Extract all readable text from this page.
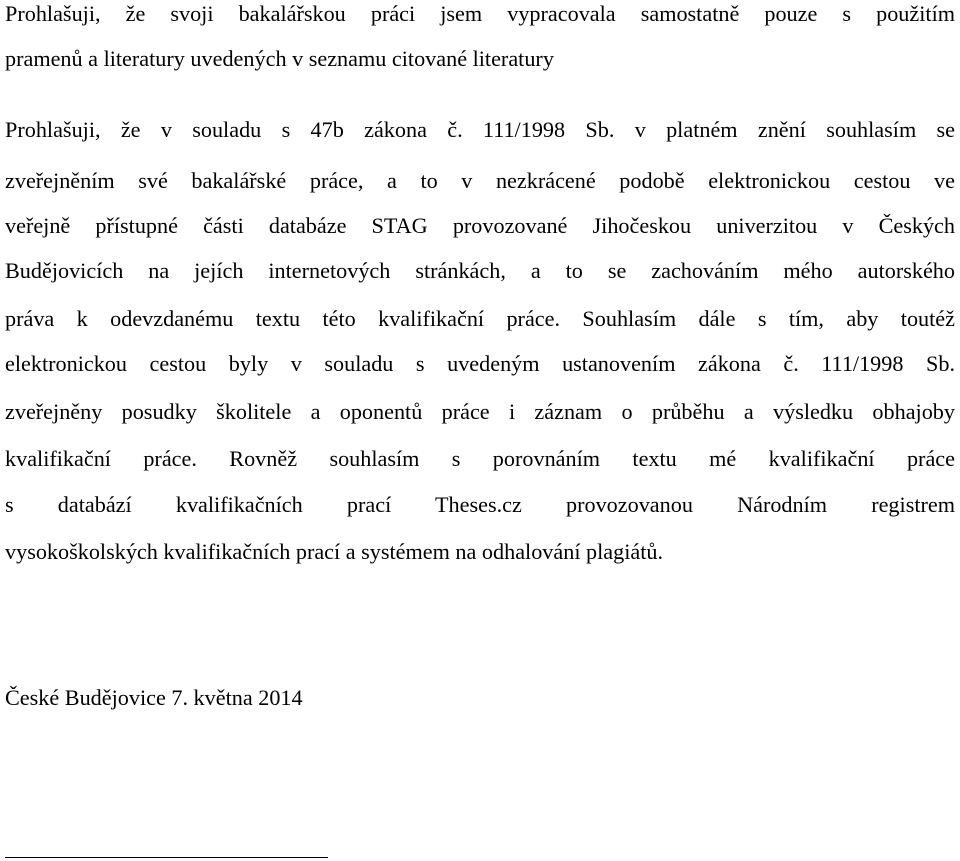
Prohlašuji, že svoji bakalářskou práci jsem vypracovala samostatně pouze s použitím
pramenů a literatury uvedených v seznamu citované literatury
Prohlašuji, že v souladu s 47b zákona č. 111/1998 Sb. v platném znění souhlasím se
zveřejněním své bakalářské práce, a to v nezkrácené podobě elektronickou cestou ve
veřejně přístupné části databáze STAG provozované Jihočeskou univerzitou v Českých
Budějovicích na jejích internetových stránkách, a to se zachováním mého autorského
práva k odevzdanému textu této kvalifikační práce. Souhlasím dále s tím, aby toutéž
elektronickou cestou byly v souladu s uvedeným ustanovením zákona č. 111/1998 Sb.
zveřejněny posudky školitele a oponentů práce i záznam o průběhu a výsledku obhajoby
kvalifikační práce. Rovněž souhlasím s porovnáním textu mé kvalifikační práce
s databází kvalifikačních prací Theses.cz provozovanou Národním registrem
vysokoškolských kvalifikačních prací a systémem na odhalování plagiátů.
České Budějovice 7. května 2014
